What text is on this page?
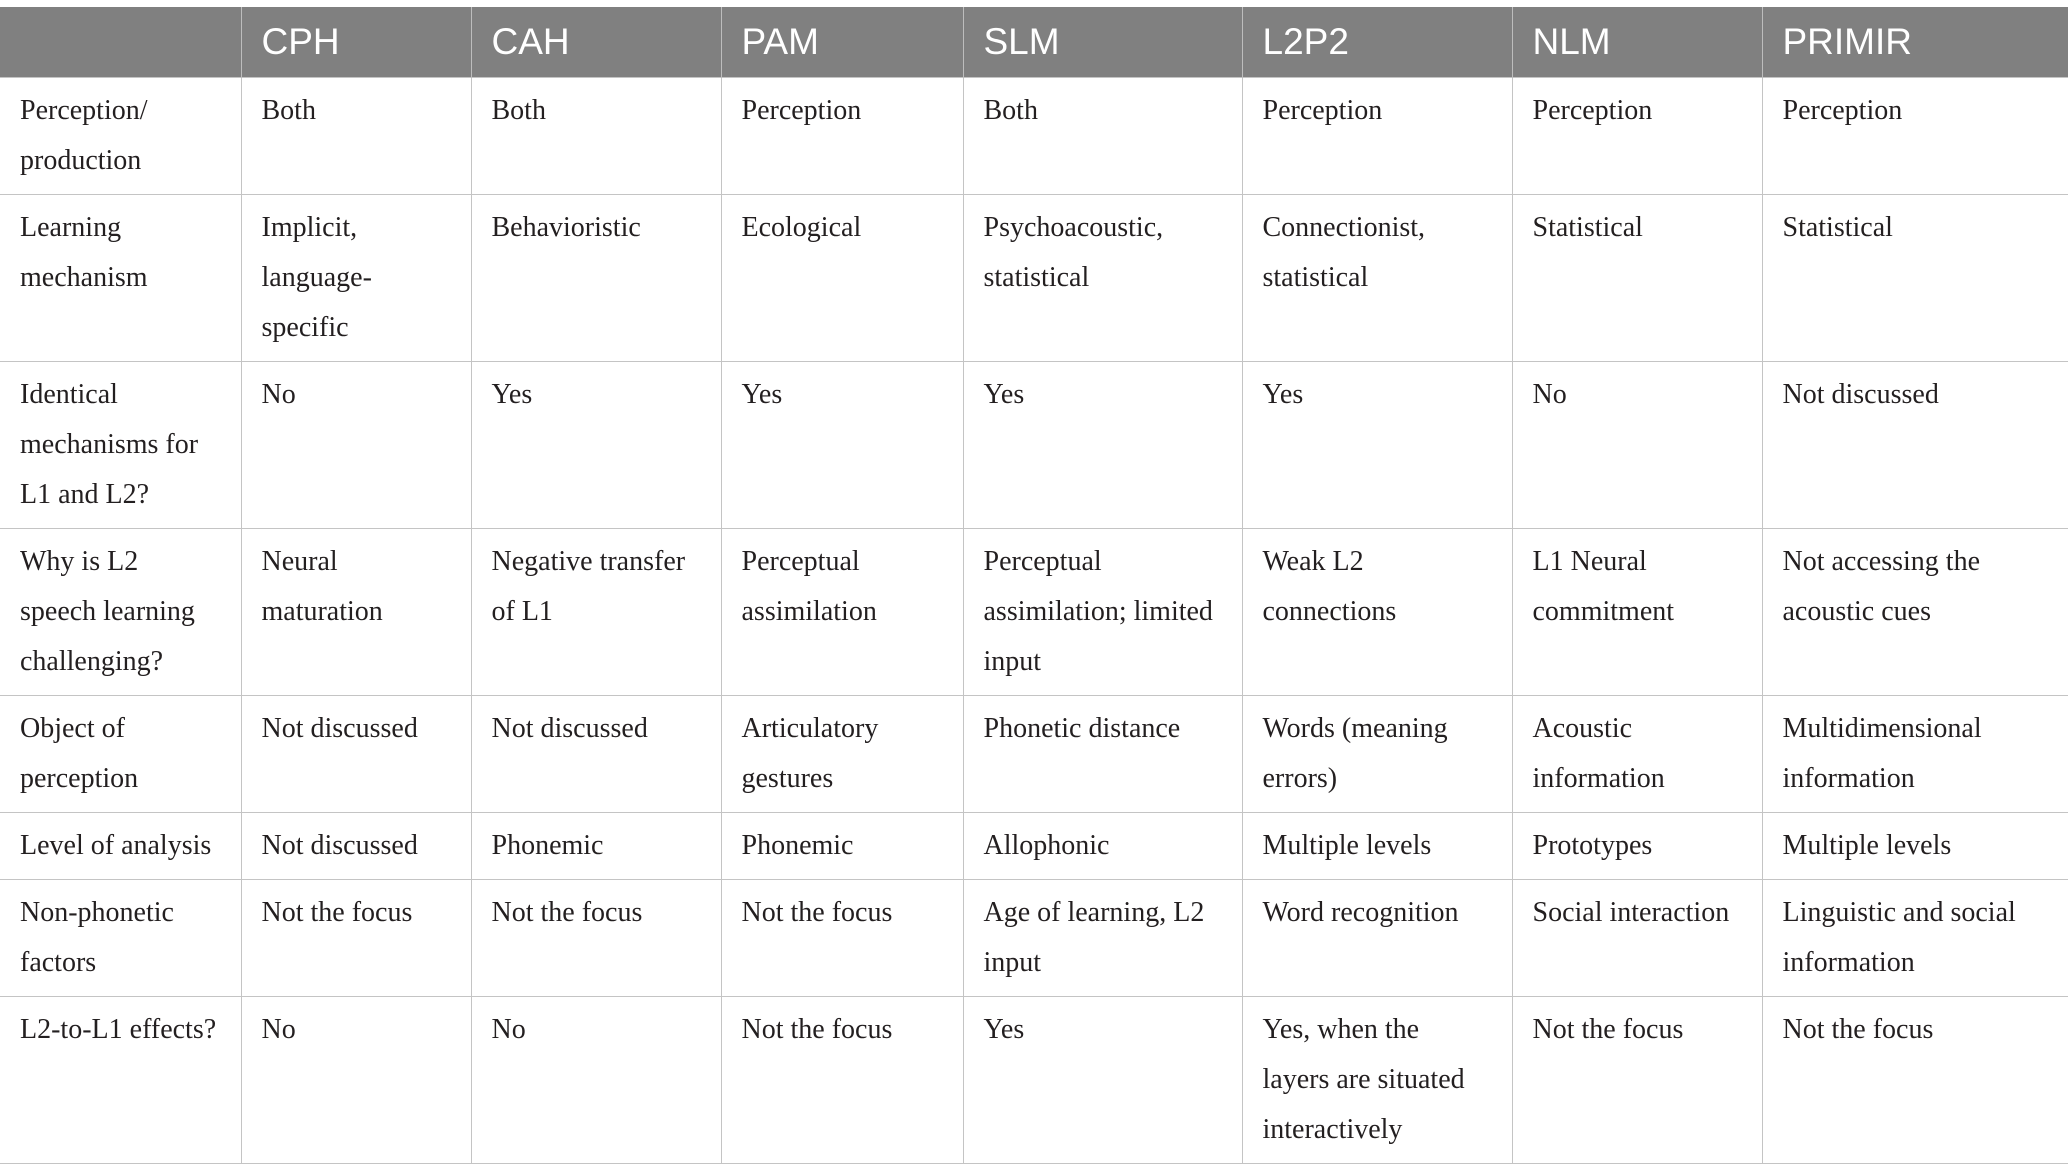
	CPH	CAH	PAM	SLM	L2P2	NLM	PRIMIR
Perception/ production	Both	Both	Perception	Both	Perception	Perception	Perception
Learning mechanism	Implicit, language-specific	Behavioristic	Ecological	Psychoacoustic, statistical	Connectionist, statistical	Statistical	Statistical
Identical mechanisms for L1 and L2?	No	Yes	Yes	Yes	Yes	No	Not discussed
Why is L2 speech learning challenging?	Neural maturation	Negative transfer of L1	Perceptual assimilation	Perceptual assimilation; limited input	Weak L2 connections	L1 Neural commitment	Not accessing the acoustic cues
Object of perception	Not discussed	Not discussed	Articulatory gestures	Phonetic distance	Words (meaning errors)	Acoustic information	Multidimensional information
Level of analysis	Not discussed	Phonemic	Phonemic	Allophonic	Multiple levels	Prototypes	Multiple levels
Non-phonetic factors	Not the focus	Not the focus	Not the focus	Age of learning, L2 input	Word recognition	Social interaction	Linguistic and social information
L2-to-L1 effects?	No	No	Not the focus	Yes	Yes, when the layers are situated interactively	Not the focus	Not the focus
